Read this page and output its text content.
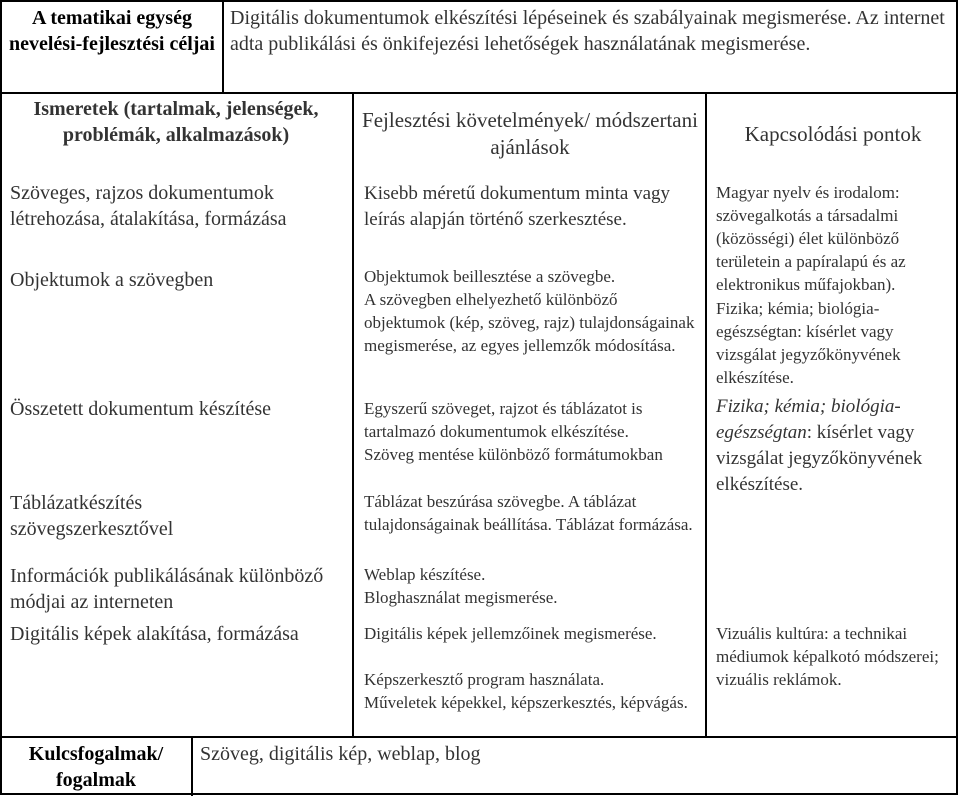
A tematikai egység nevelési-fejlesztési céljai
Digitális dokumentumok elkészítési lépéseinek és szabályainak megismerése. Az internet adta publikálási és önkifejezési lehetőségek használatának megismerése.
Ismeretek (tartalmak, jelenségek, problémák, alkalmazások)
Fejlesztési követelmények/ módszertani ajánlások
Kapcsolódási pontok
Szöveges, rajzos dokumentumok létrehozása, átalakítása, formázása
Objektumok a szövegben
Összetett dokumentum készítése
Táblázatkészítés szövegszerkesztővel
Információk publikálásának különböző módjai az interneten
Digitális képek alakítása, formázása
Kisebb méretű dokumentum minta vagy leírás alapján történő szerkesztése.
Objektumok beillesztése a szövegbe.
A szövegben elhelyezhető különböző objektumok (kép, szöveg, rajz) tulajdonságainak megismerése, az egyes jellemzők módosítása.
Egyszerű szöveget, rajzot és táblázatot is tartalmazó dokumentumok elkészítése.
Szöveg mentése különböző formátumokban
Táblázat beszúrása szövegbe. A táblázat tulajdonságainak beállítása. Táblázat formázása.
Weblap készítése.
Bloghasználat megismerése.
Digitális képek jellemzőinek megismerése.
Képszerkesztő program használata.
Műveletek képekkel, képszerkesztés, képvágás.
Magyar nyelv és irodalom: szövegalkotás a társadalmi (közösségi) élet különböző területein a papíralapú és az elektronikus műfajokban).
Fizika; kémia; biológia-egészségtan: kísérlet vagy vizsgálat jegyzőkönyvének elkészítése.
Fizika; kémia; biológia-egészségtan: kísérlet vagy vizsgálat jegyzőkönyvének elkészítése.
Vizuális kultúra: a technikai médiumok képalkotó módszerei; vizuális reklámok.
Kulcsfogalmak/ fogalmak
Szöveg, digitális kép, weblap, blog
